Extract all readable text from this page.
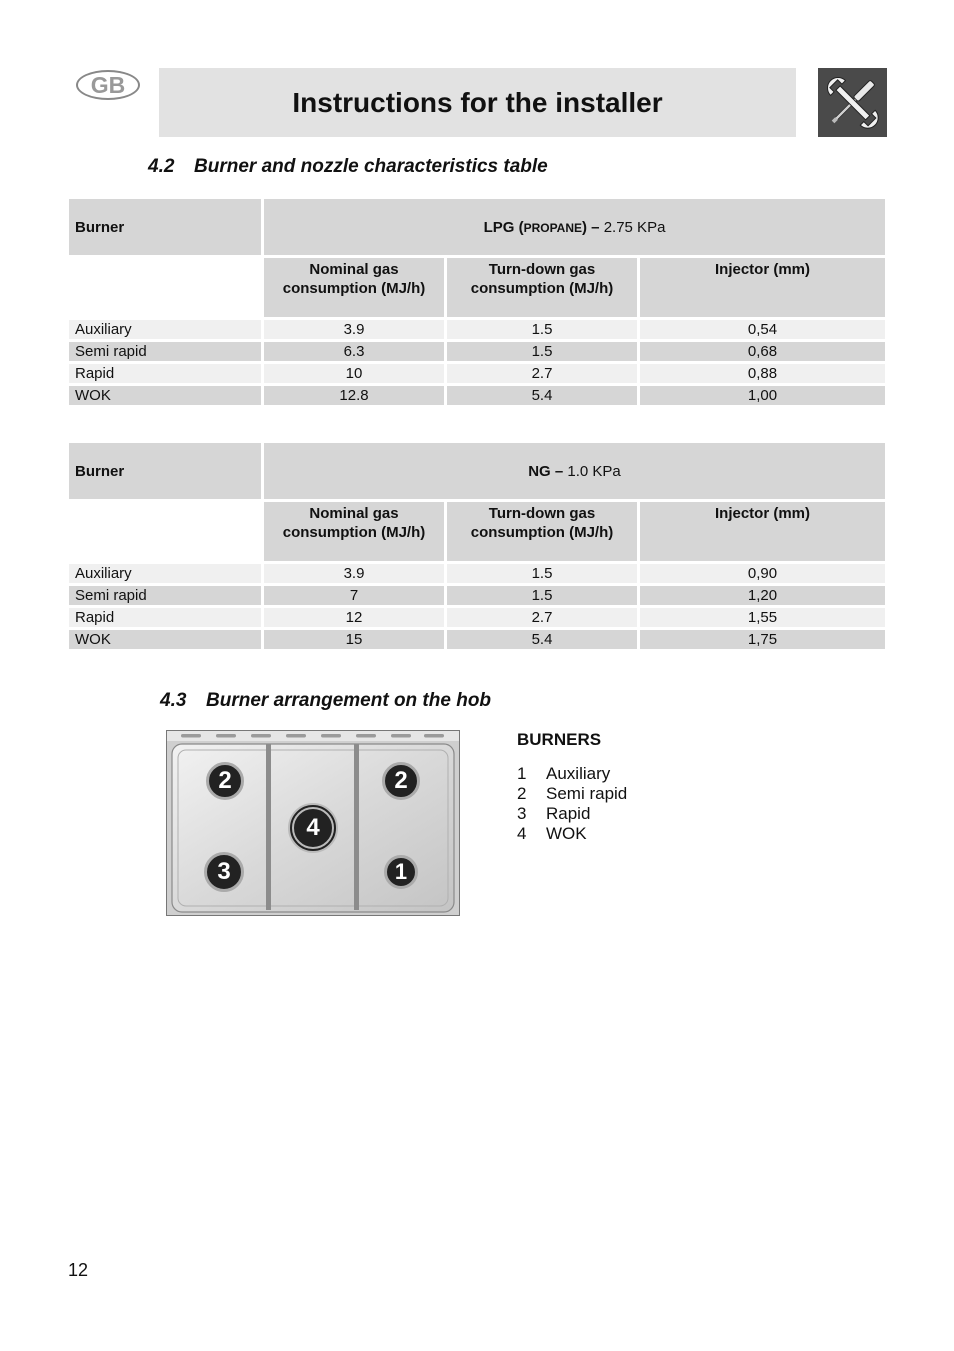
GB
Instructions for the installer
4.2 Burner and nozzle characteristics table
Burner	LPG (PROPANE) – 2.75 KPa		
	Nominal gas consumption (MJ/h)	Turn-down gas consumption (MJ/h)	Injector (mm)
Auxiliary	3.9	1.5	0,54
Semi rapid	6.3	1.5	0,68
Rapid	10	2.7	0,88
WOK	12.8	5.4	1,00
Burner	NG – 1.0 KPa		
	Nominal gas consumption (MJ/h)	Turn-down gas consumption (MJ/h)	Injector (mm)
Auxiliary	3.9	1.5	0,90
Semi rapid	7	1.5	1,20
Rapid	12	2.7	1,55
WOK	15	5.4	1,75
4.3 Burner arrangement on the hob
2	2
4
3	1

BURNERS

1 Auxiliary
2 Semi rapid
3 Rapid
4 WOK
12
